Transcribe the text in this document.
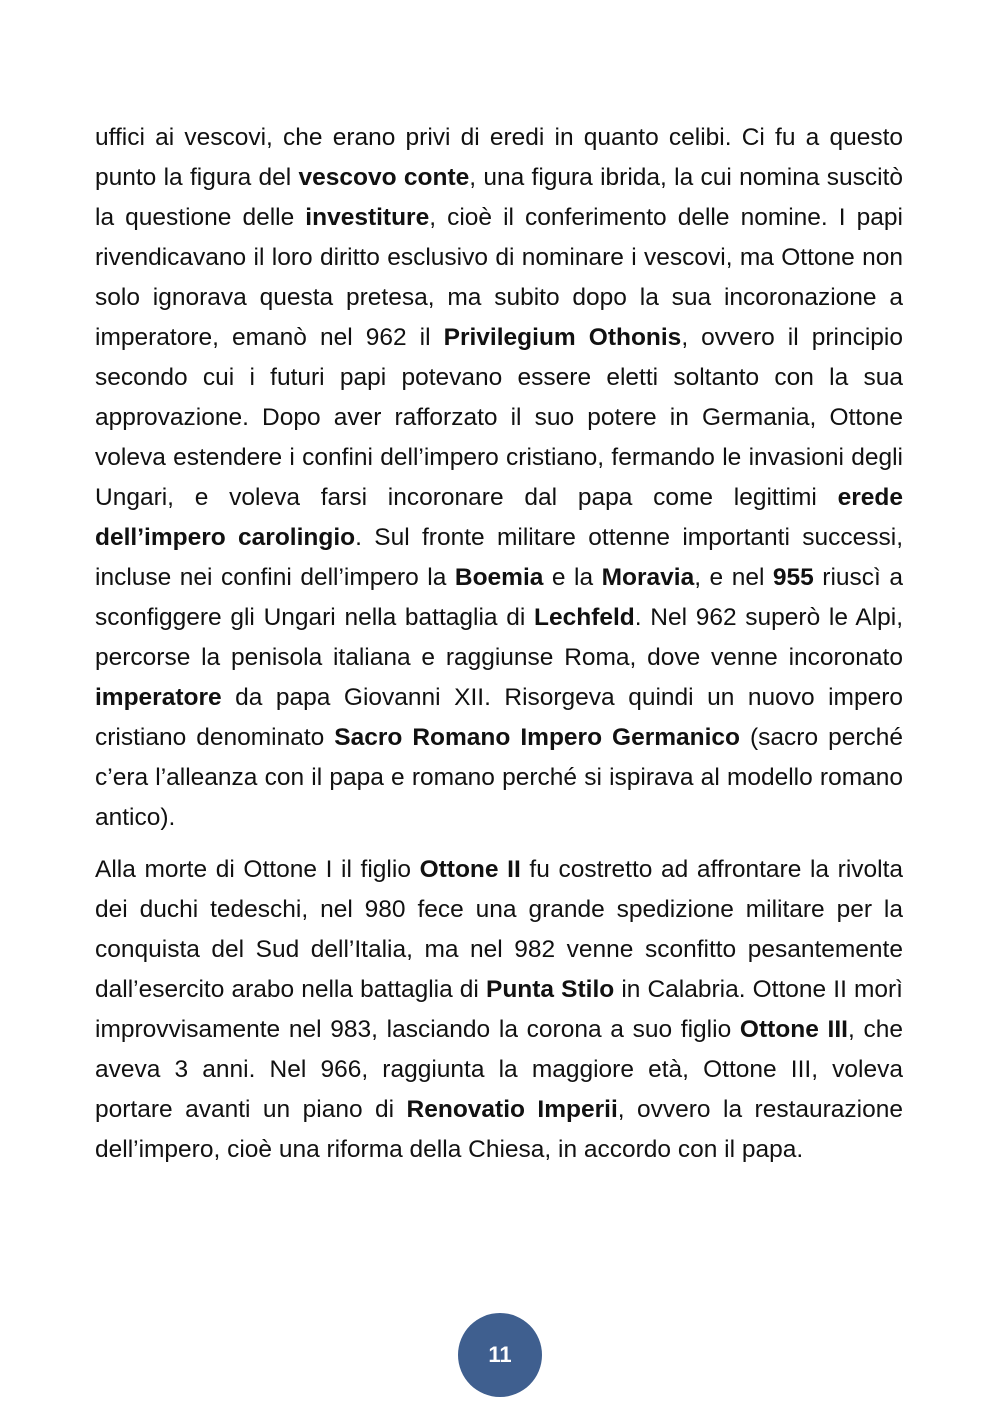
uffici ai vescovi, che erano privi di eredi in quanto celibi. Ci fu a questo punto la figura del vescovo conte, una figura ibrida, la cui nomina suscitò la questione delle investiture, cioè il conferimento delle nomine. I papi rivendicavano il loro diritto esclusivo di nominare i vescovi, ma Ottone non solo ignorava questa pretesa, ma subito dopo la sua incoronazione a imperatore, emanò nel 962 il Privilegium Othonis, ovvero il principio secondo cui i futuri papi potevano essere eletti soltanto con la sua approvazione. Dopo aver rafforzato il suo potere in Germania, Ottone voleva estendere i confini dell’impero cristiano, fermando le invasioni degli Ungari, e voleva farsi incoronare dal papa come legittimi erede dell’impero carolingio. Sul fronte militare ottenne importanti successi, incluse nei confini dell’impero la Boemia e la Moravia, e nel 955 riuscì a sconfiggere gli Ungari nella battaglia di Lechfeld. Nel 962 superò le Alpi, percorse la penisola italiana e raggiunse Roma, dove venne incoronato imperatore da papa Giovanni XII. Risorgeva quindi un nuovo impero cristiano denominato Sacro Romano Impero Germanico (sacro perché c’era l’alleanza con il papa e romano perché si ispirava al modello romano antico).

Alla morte di Ottone I il figlio Ottone II fu costretto ad affrontare la rivolta dei duchi tedeschi, nel 980 fece una grande spedizione militare per la conquista del Sud dell’Italia, ma nel 982 venne sconfitto pesantemente dall’esercito arabo nella battaglia di Punta Stilo in Calabria. Ottone II morì improvvisamente nel 983, lasciando la corona a suo figlio Ottone III, che aveva 3 anni. Nel 966, raggiunta la maggiore età, Ottone III, voleva portare avanti un piano di Renovatio Imperii, ovvero la restaurazione dell’impero, cioè una riforma della Chiesa, in accordo con il papa.

11
